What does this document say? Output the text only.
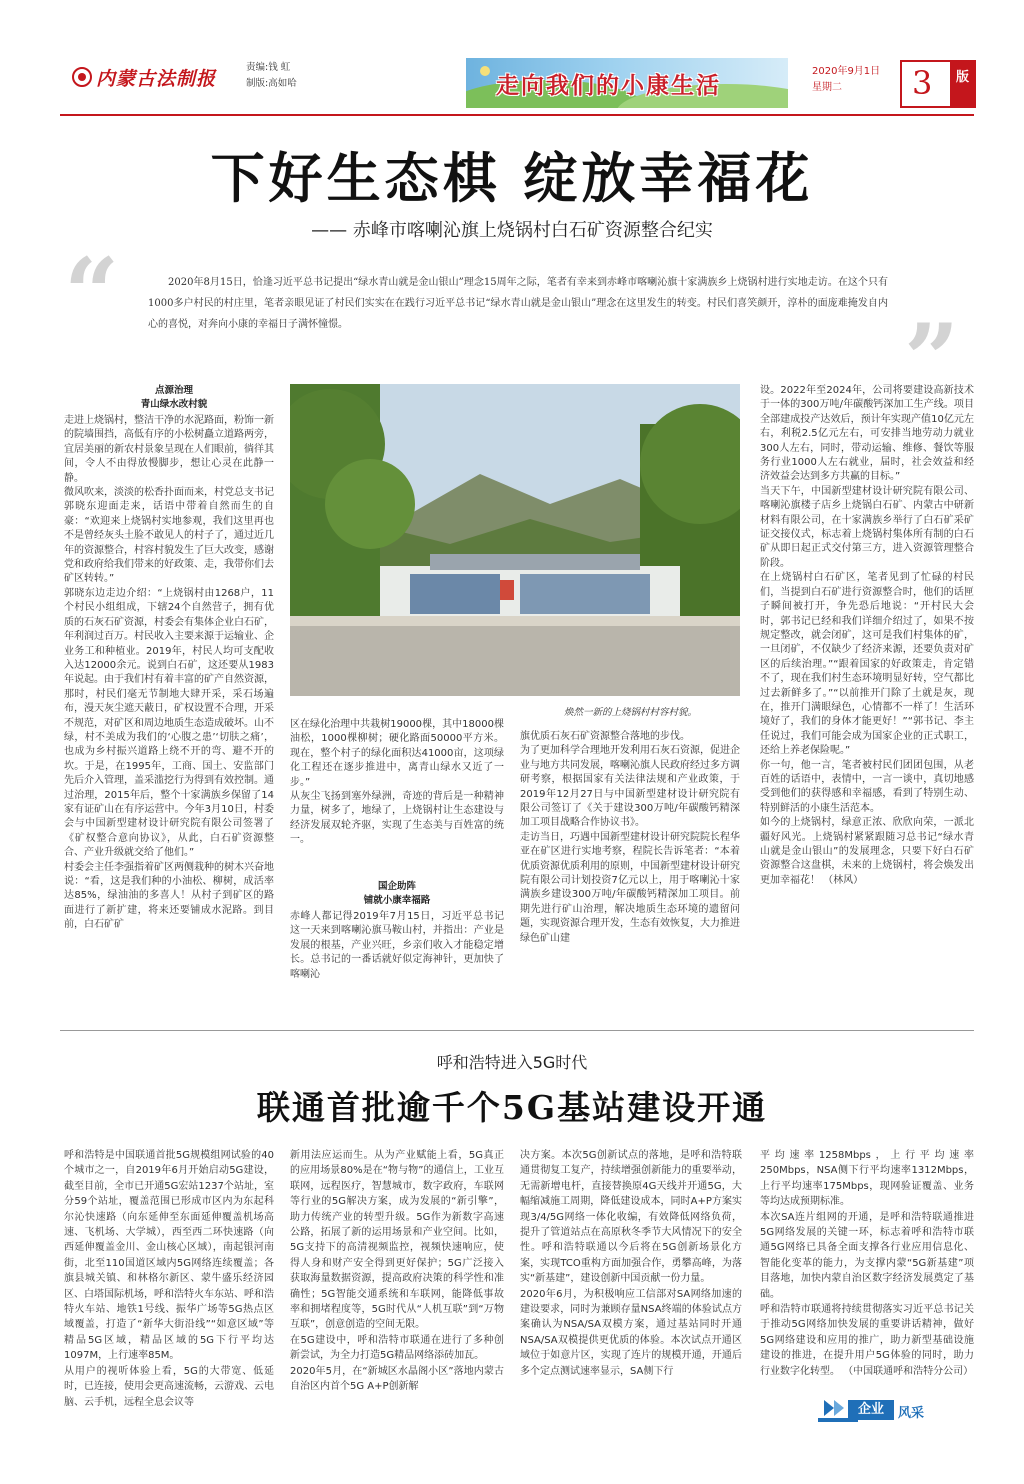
内蒙古法制报
责编:钱 虹
制版:高如哈	走向我们的小康生活
2020年9月1日
星期二	3 版
下好生态棋 绽放幸福花
—— 赤峰市喀喇沁旗上烧锅村白石矿资源整合纪实
“
”
2020年8月15日，恰逢习近平总书记提出“绿水青山就是金山银山”理念15周年之际，笔者有幸来到赤峰市喀喇沁旗十家满族乡上烧锅村进行实地走访。在这个只有1000多户村民的村庄里，笔者亲眼见证了村民们实实在在践行习近平总书记“绿水青山就是金山银山”理念在这里发生的转变。村民们喜笑颜开，淳朴的面庞难掩发自内心的喜悦，对奔向小康的幸福日子满怀憧憬。
点源治理
青山绿水改村貌
走进上烧锅村，整洁干净的水泥路面，粉饰一新的院墙围挡，高低有序的小松树矗立道路两旁，宜居美丽的新农村景象呈现在人们眼前，徜徉其间，令人不由得放慢脚步，想让心灵在此静一静。
微风吹来，淡淡的松香扑面而来，村党总支书记郭晓东迎面走来，话语中带着自然而生的自豪：“欢迎来上烧锅村实地参观，我们这里再也不是曾经灰头土脸不敢见人的村子了，通过近几年的资源整合，村容村貌发生了巨大改变，感谢党和政府给我们带来的好政策、走，我带你们去矿区转转。”
郭晓东边走边介绍：“上烧锅村由1268户，11个村民小组组成，下辖24个自然营子，拥有优质的石灰石矿资源，村委会有集体企业白石矿，年利润过百万。村民收入主要来源于运输业、企业务工和种植业。2019年，村民人均可支配收入达12000余元。说到白石矿，这还要从1983年说起。由于我们村有着丰富的矿产自然资源，那时，村民们毫无节制地大肆开采，采石场遍布，漫天灰尘遮天蔽日，矿权设置不合理，开采不规范，对矿区和周边地质生态造成破坏。山不绿，村不美成为我们的‘心腹之患’‘切肤之痛’，也成为乡村振兴道路上绕不开的弯、避不开的坎。于是，在1995年，工商、国土、安监部门先后介入管理，盖采滥挖行为得到有效控制。通过治理，2015年后，整个十家满族乡保留了14家有证矿山在有序运营中。今年3月10日，村委会与中国新型建材设计研究院有限公司签署了《矿权整合意向协议》，从此，白石矿资源整合、产业升级就交给了他们。”
村委会主任李强指着矿区两侧栽种的树木兴奋地说：“看，这是我们种的小油松、柳树，成活率达85%，绿油油的多喜人！从村子到矿区的路面进行了新扩建，将来还要铺成水泥路。到目前，白石矿矿
焕然一新的上烧锅村村容村貌。
区在绿化治理中共栽树19000棵，其中18000棵油松，1000棵柳树；硬化路面50000平方米。现在，整个村子的绿化面积达41000亩，这项绿化工程还在逐步推进中，离青山绿水又近了一步。”
从灰尘飞扬到塞外绿洲，奇迹的背后是一种精神力量，树多了，地绿了，上烧锅村让生态建设与经济发展双轮齐驱，实现了生态美与百姓富的统一。
国企助阵
铺就小康幸福路
赤峰人都记得2019年7月15日，习近平总书记这一天来到喀喇沁旗马鞍山村，并指出：产业是发展的根基，产业兴旺，乡亲们收入才能稳定增长。总书记的一番话就好似定海神针，更加快了喀喇沁
旗优质石灰石矿资源整合落地的步伐。
为了更加科学合理地开发利用石灰石资源，促进企业与地方共同发展，喀喇沁旗人民政府经过多方调研考察，根据国家有关法律法规和产业政策，于2019年12月27日与中国新型建材设计研究院有限公司签订了《关于建设300万吨/年碳酸钙精深加工项目战略合作协议书》。
走访当日，巧遇中国新型建材设计研究院院长程华亚在矿区进行实地考察，程院长告诉笔者：“本着优质资源优质利用的原则，中国新型建材设计研究院有限公司计划投资7亿元以上，用于喀喇沁十家满族乡建设300万吨/年碳酸钙精深加工项目。前期先进行矿山治理，解决地质生态环境的遗留问题，实现资源合理开发，生态有效恢复，大力推进绿色矿山建
设。2022年至2024年，公司将要建设高新技术于一体的300万吨/年碳酸钙深加工生产线。项目全部建成投产达效后，预计年实现产值10亿元左右，利税2.5亿元左右，可安排当地劳动力就业300人左右，同时，带动运输、维修、餐饮等服务行业1000人左右就业，届时，社会效益和经济效益会达到多方共赢的目标。”
当天下午，中国新型建材设计研究院有限公司、喀喇沁旗楼子店乡上烧锅白石矿、内蒙古中研新材料有限公司，在十家满族乡举行了白石矿采矿证交接仪式，标志着上烧锅村集体所有制的白石矿从即日起正式交付第三方，进入资源管理整合阶段。
在上烧锅村白石矿区，笔者见到了忙碌的村民们，当提到白石矿进行资源整合时，他们的话匣子瞬间被打开，争先恐后地说：“开村民大会时，郭书记已经和我们详细介绍过了，如果不按规定整改，就会闭矿，这可是我们村集体的矿，一旦闭矿，不仅缺少了经济来源，还要负责对矿区的后续治理。”“跟着国家的好政策走，肯定错不了，现在我们村生态环境明显好转，空气都比过去新鲜多了。”“以前推开门除了土就是灰，现在，推开门满眼绿色，心情都不一样了！生活环境好了，我们的身体才能更好！”“郭书记、李主任说过，我们可能会成为国家企业的正式职工，还给上养老保险呢。”
你一句，他一言，笔者被村民们团团包围，从老百姓的话语中，表情中，一言一谈中，真切地感受到他们的获得感和幸福感，看到了特别生动、特别鲜活的小康生活范本。
如今的上烧锅村，绿意正浓、欣欣向荣，一派北疆好风光。上烧锅村紧紧跟随习总书记“绿水青山就是金山银山”的发展理念，只要下好白石矿资源整合这盘棋，未来的上烧锅村，将会焕发出更加幸福花！ （林风）
呼和浩特进入5G时代
联通首批逾千个5G基站建设开通
呼和浩特是中国联通首批5G规模组网试验的40个城市之一，自2019年6月开始启动5G建设，截至目前，全市已开通5G宏站1237个站址，室分59个站址，覆盖范围已形成市区内为东起科尔沁快速路（向东延伸至东面延伸覆盖机场高速、飞机场、大学城），西至西二环快速路（向西延伸覆盖金川、金山核心区域），南起银河南街，北至110国道区域内5G网络连续覆盖；各旗县城关镇、和林格尔新区、蒙牛盛乐经济园区、白塔国际机场，呼和浩特火车东站、呼和浩特火车站、地铁1号线、振华广场等5G热点区域覆盖，打造了“新华大街沿线”“如意区域”等精品5G区域，精品区域的5G下行平均达1097M，上行速率85M。
从用户的视听体验上看，5G的大带宽、低延时，已连接，使用会更高速流畅，云游戏、云电脑、云手机，远程全息会议等
新用法应运而生。从为产业赋能上看，5G真正的应用场景80%是在“物与物”的通信上，工业互联网，远程医疗，智慧城市，数字政府，车联网等行业的5G解决方案，成为发展的“新引擎”，助力传统产业的转型升级。5G作为新数字高速公路，拓展了新的运用场景和产业空间。比如，5G支持下的高清视频监控，视频快速响应，使得人身和财产安全得到更好保护；5G广泛接入获取海量数据资源，提高政府决策的科学性和准确性；5G智能交通系统和车联网，能降低事故率和拥堵程度等，5G时代从“人机互联”到“万物互联”，创意创造的空间无限。
在5G建设中，呼和浩特市联通在进行了多种创新尝试，为全力打造5G精品网络添砖加瓦。
2020年5月，在“新城区水晶阁小区”落地内蒙古自治区内首个5G A+P创新解
决方案。本次5G创新试点的落地，是呼和浩特联通贯彻复工复产，持续增强创新能力的重要举动，无需新增电杆，直接替换原4G天线并开通5G，大幅缩减施工周期，降低建设成本，同时A+P方案实现3/4/5G网络一体化收编，有效降低网络负荷，提升了管道站点在高原秋冬季节大风情况下的安全性。呼和浩特联通以今后将在5G创新场景化方案，实现TCO重构方面加强合作，勇攀高峰，为落实“新基建”，建设创新中国贡献一份力量。
2020年6月，为积极响应工信部对SA网络加速的建设要求，同时为兼顾存量NSA终端的体验试点方案确认为NSA/SA双模方案，通过基站同时开通NSA/SA双模提供更优质的体验。本次试点开通区域位于如意片区，实现了连片的规模开通，开通后多个定点测试速率显示，SA侧下行
平均速率1258Mbps，上行平均速率250Mbps，NSA侧下行平均速率1312Mbps，上行平均速率175Mbps，现网验证覆盖、业务等均达成预期标准。
本次SA连片组网的开通，是呼和浩特联通推进5G网络发展的关键一环，标志着呼和浩特市联通5G网络已具备全面支撑各行业应用信息化、智能化变革的能力，为支撑内蒙“5G新基建”项目落地，加快内蒙自治区数字经济发展奠定了基础。
呼和浩特市联通将持续贯彻落实习近平总书记关于推动5G网络加快发展的重要讲话精神，做好5G网络建设和应用的推广，助力新型基础设施建设的推进，在提升用户5G体验的同时，助力行业数字化转型。 （中国联通呼和浩特分公司）
企业	风采
